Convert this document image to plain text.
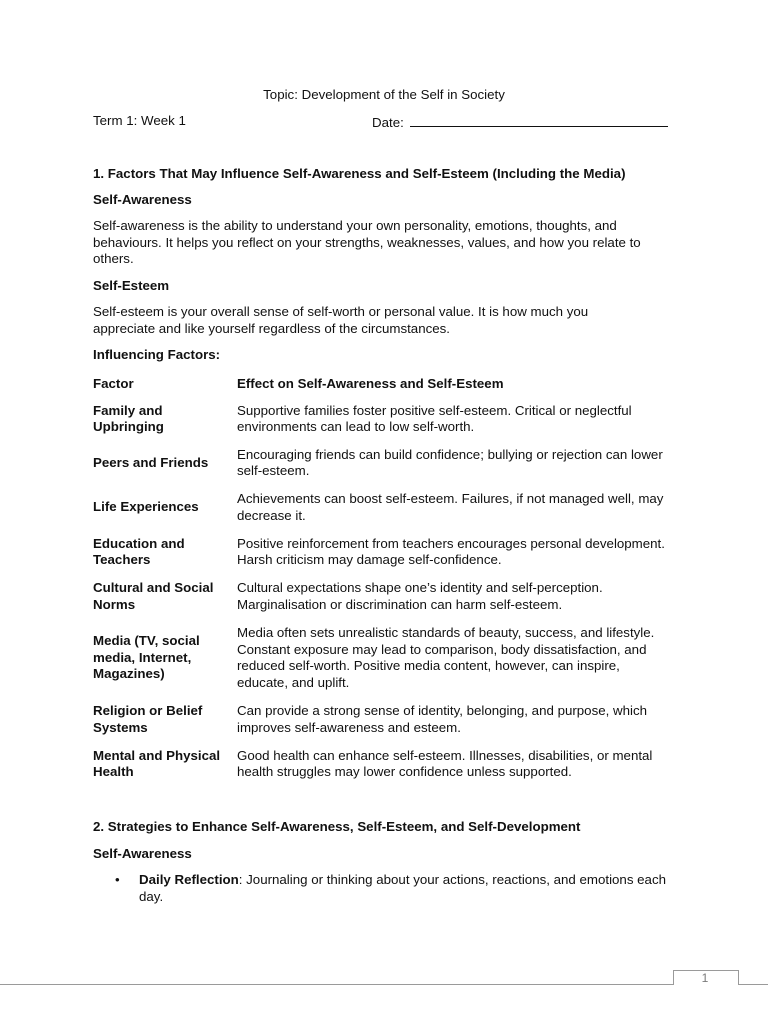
Topic: Development of the Self in Society
Term 1: Week 1	Date:
1. Factors That May Influence Self-Awareness and Self-Esteem (Including the Media)
Self-Awareness

Self-awareness is the ability to understand your own personality, emotions, thoughts, and behaviours. It helps you reflect on your strengths, weaknesses, values, and how you relate to others.

Self-Esteem

Self-esteem is your overall sense of self-worth or personal value. It is how much you appreciate and like yourself regardless of the circumstances.

Influencing Factors:
Factor	Effect on Self-Awareness and Self-Esteem
Family and Upbringing	Supportive families foster positive self-esteem. Critical or neglectful environments can lead to low self-worth.
Peers and Friends	Encouraging friends can build confidence; bullying or rejection can lower self-esteem.
Life Experiences	Achievements can boost self-esteem. Failures, if not managed well, may decrease it.
Education and Teachers	Positive reinforcement from teachers encourages personal development. Harsh criticism may damage self-confidence.
Cultural and Social Norms	Cultural expectations shape one’s identity and self-perception. Marginalisation or discrimination can harm self-esteem.
Media (TV, social media, Internet, Magazines)	Media often sets unrealistic standards of beauty, success, and lifestyle. Constant exposure may lead to comparison, body dissatisfaction, and reduced self-worth. Positive media content, however, can inspire, educate, and uplift.
Religion or Belief Systems	Can provide a strong sense of identity, belonging, and purpose, which improves self-awareness and esteem.
Mental and Physical Health	Good health can enhance self-esteem. Illnesses, disabilities, or mental health struggles may lower confidence unless supported.
2. Strategies to Enhance Self-Awareness, Self-Esteem, and Self-Development
Self-Awareness
• Daily Reflection: Journaling or thinking about your actions, reactions, and emotions each day.
1
